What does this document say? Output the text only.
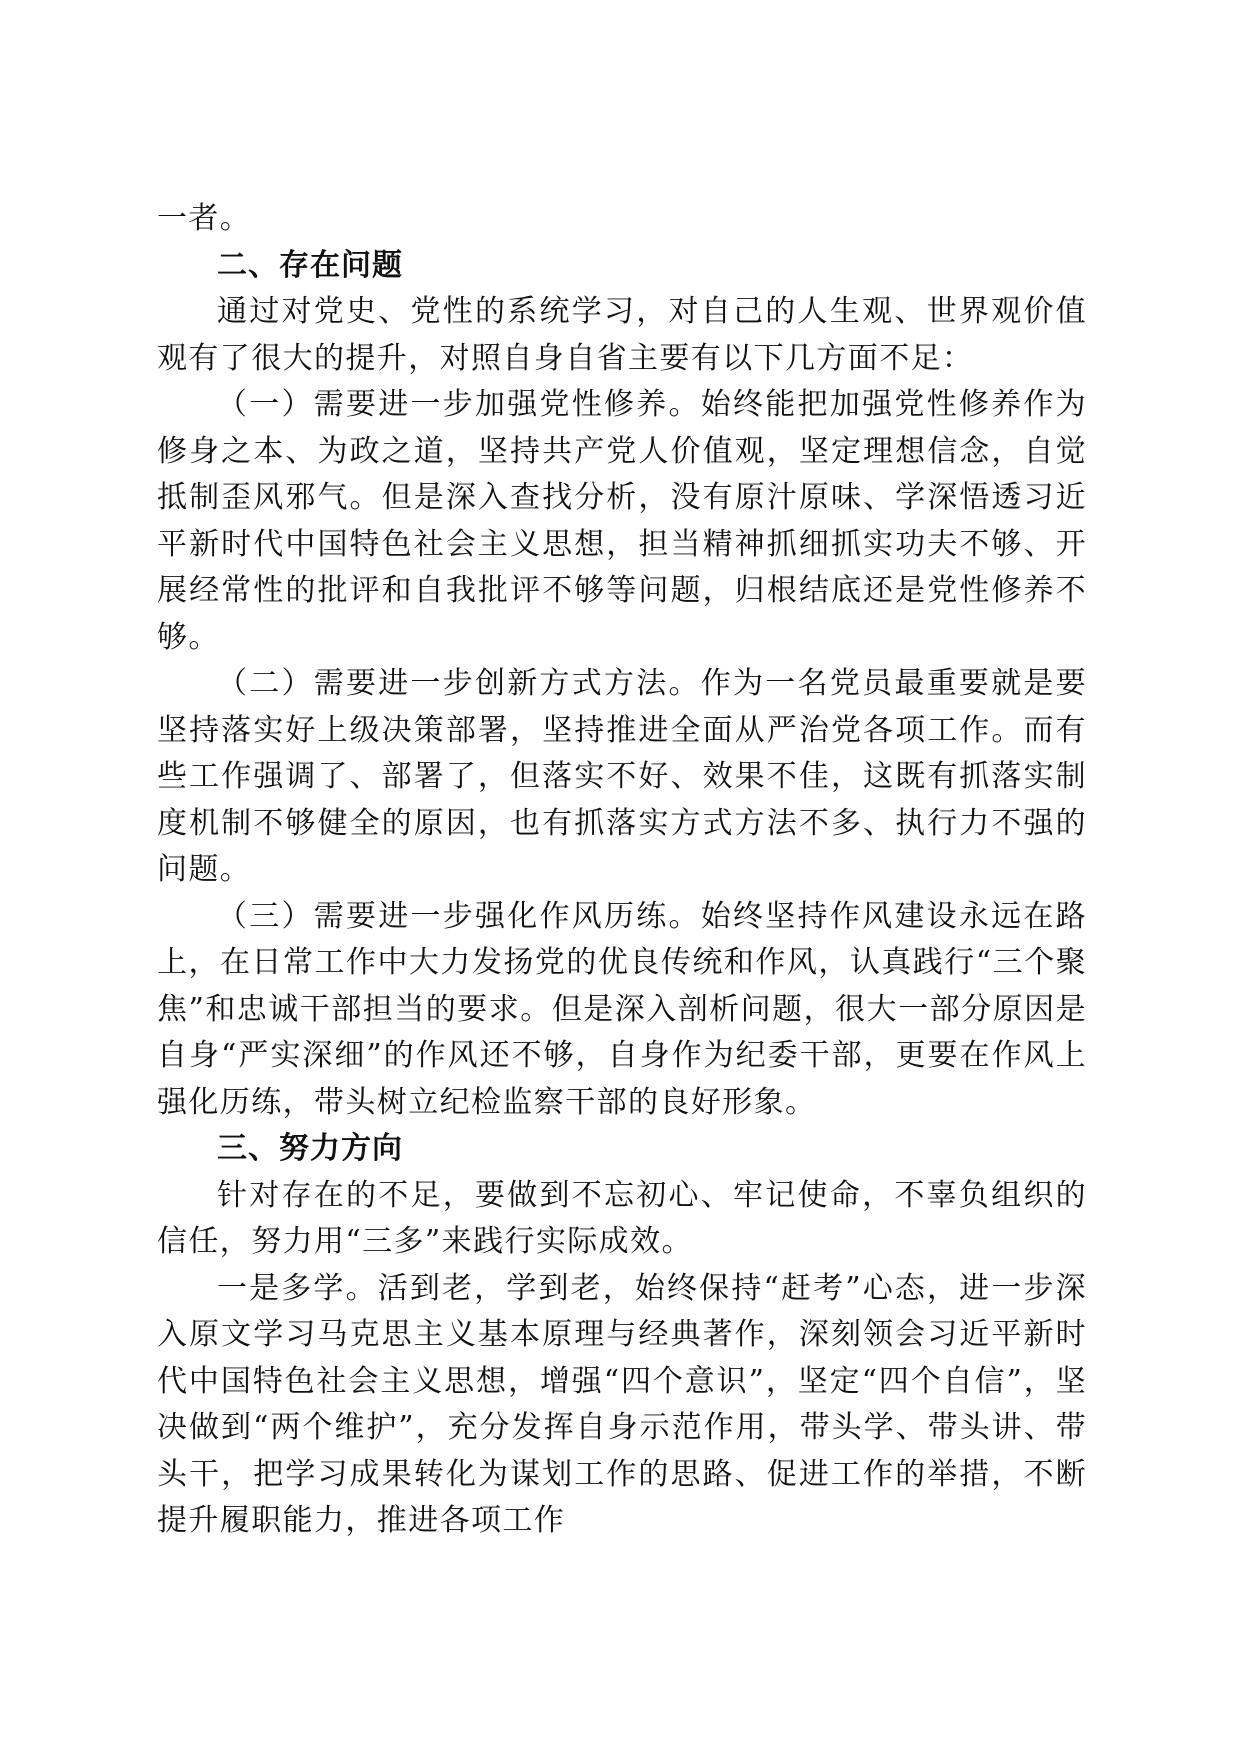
一者。

二、存在问题

通过对党史、党性的系统学习，对自己的人生观、世界观价值观有了很大的提升，对照自身自省主要有以下几方面不足：

（一）需要进一步加强党性修养。始终能把加强党性修养作为修身之本、为政之道，坚持共产党人价值观，坚定理想信念，自觉抵制歪风邪气。但是深入查找分析，没有原汁原味、学深悟透习近平新时代中国特色社会主义思想，担当精神抓细抓实功夫不够、开展经常性的批评和自我批评不够等问题，归根结底还是党性修养不够。

（二）需要进一步创新方式方法。作为一名党员最重要就是要坚持落实好上级决策部署，坚持推进全面从严治党各项工作。而有些工作强调了、部署了，但落实不好、效果不佳，这既有抓落实制度机制不够健全的原因，也有抓落实方式方法不多、执行力不强的问题。

（三）需要进一步强化作风历练。始终坚持作风建设永远在路上，在日常工作中大力发扬党的优良传统和作风，认真践行“三个聚焦”和忠诚干部担当的要求。但是深入剖析问题，很大一部分原因是自身“严实深细”的作风还不够，自身作为纪委干部，更要在作风上强化历练，带头树立纪检监察干部的良好形象。

三、努力方向

针对存在的不足，要做到不忘初心、牢记使命，不辜负组织的信任，努力用“三多”来践行实际成效。

一是多学。活到老，学到老，始终保持“赶考”心态，进一步深入原文学习马克思主义基本原理与经典著作，深刻领会习近平新时代中国特色社会主义思想，增强“四个意识”，坚定“四个自信”，坚决做到“两个维护”，充分发挥自身示范作用，带头学、带头讲、带头干，把学习成果转化为谋划工作的思路、促进工作的举措，不断提升履职能力，推进各项工作
